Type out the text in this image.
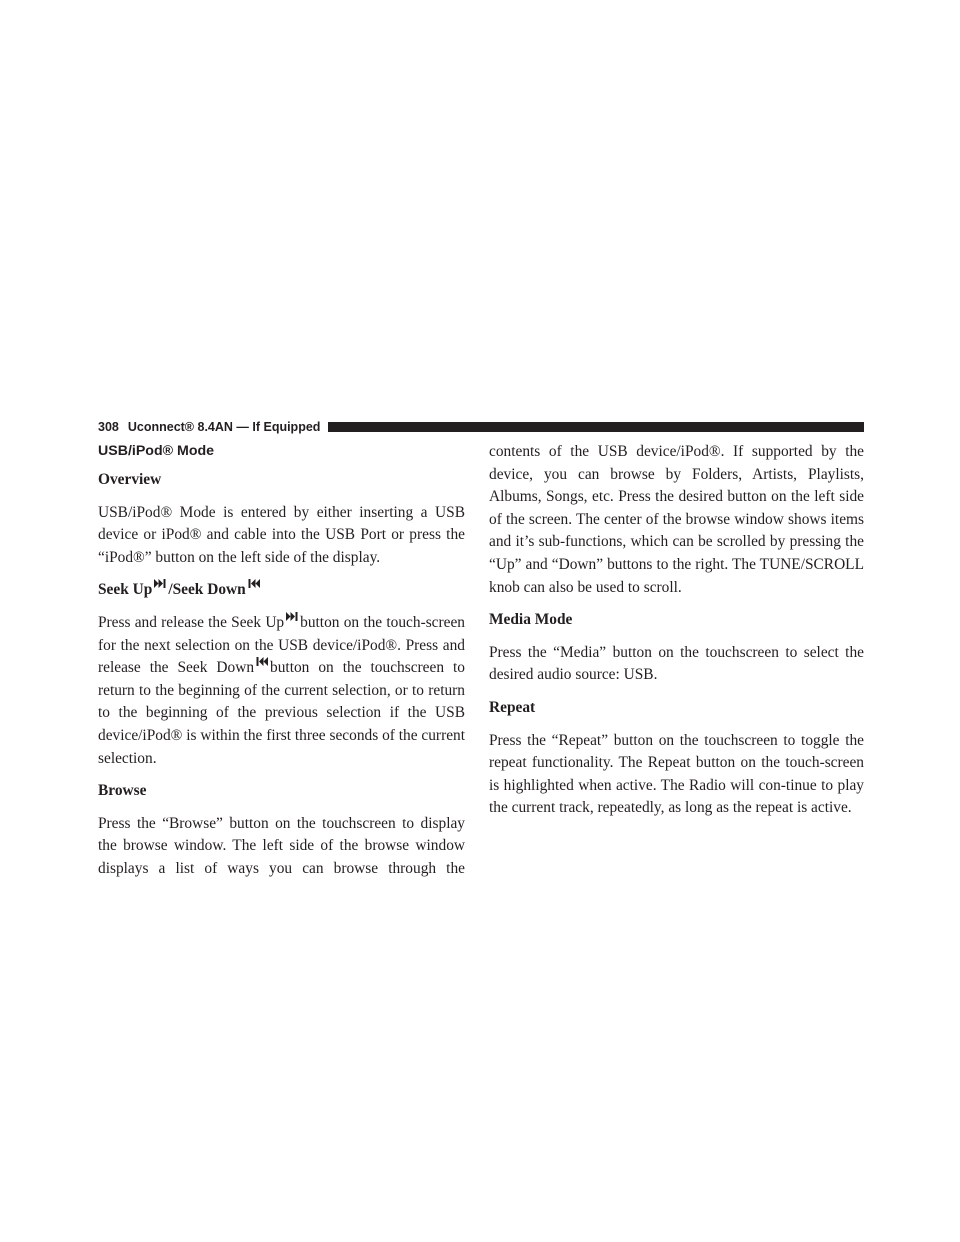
308 Uconnect® 8.4AN — If Equipped
USB/iPod® Mode
Overview

USB/iPod® Mode is entered by either inserting a USB device or iPod® and cable into the USB Port or press the “iPod®” button on the left side of the display.

Seek Up /Seek Down

Press and release the Seek Up button on the touch-screen for the next selection on the USB device/iPod®. Press and release the Seek Down button on the touchscreen to return to the beginning of the current selection, or to return to the beginning of the previous selection if the USB device/iPod® is within the first three seconds of the current selection.

Browse

Press the “Browse” button on the touchscreen to display the browse window. The left side of the browse window displays a list of ways you can browse through the

contents of the USB device/iPod®. If supported by the device, you can browse by Folders, Artists, Playlists, Albums, Songs, etc. Press the desired button on the left side of the screen. The center of the browse window shows items and it’s sub-functions, which can be scrolled by pressing the “Up” and “Down” buttons to the right. The TUNE/SCROLL knob can also be used to scroll.

Media Mode

Press the “Media” button on the touchscreen to select the desired audio source: USB.

Repeat

Press the “Repeat” button on the touchscreen to toggle the repeat functionality. The Repeat button on the touch-screen is highlighted when active. The Radio will con-tinue to play the current track, repeatedly, as long as the repeat is active.
